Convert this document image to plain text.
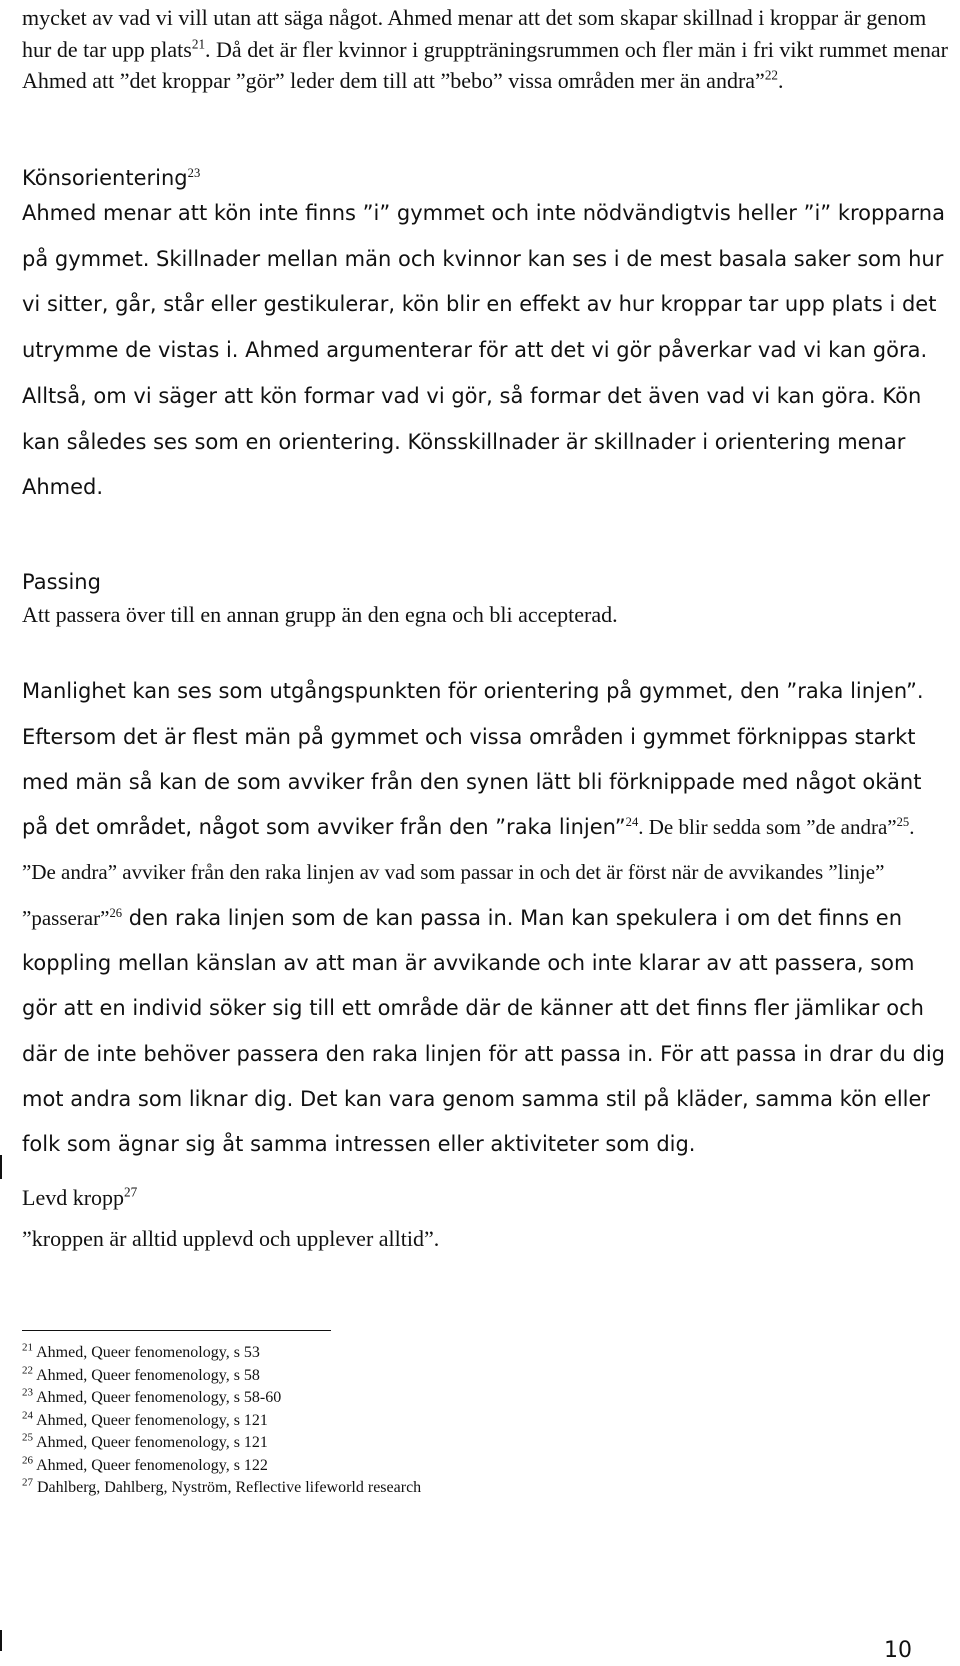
mycket av vad vi vill utan att säga något. Ahmed menar att det som skapar skillnad i kroppar är genom hur de tar upp plats$^{21}$. Då det är fler kvinnor i gruppträningsrummen och fler män i fri vikt rummet menar Ahmed att ”det kroppar ”gör” leder dem till att ”bebo” vissa områden mer än andra”$^{22}$.

Könsorientering$^{23}$

Ahmed menar att kön inte finns ”i” gymmet och inte nödvändigtvis heller ”i” kropparna på gymmet. Skillnader mellan män och kvinnor kan ses i de mest basala saker som hur vi sitter, går, står eller gestikulerar, kön blir en effekt av hur kroppar tar upp plats i det utrymme de vistas i. Ahmed argumenterar för att det vi gör påverkar vad vi kan göra. Alltså, om vi säger att kön formar vad vi gör, så formar det även vad vi kan göra. Kön kan således ses som en orientering. Könsskillnader är skillnader i orientering menar Ahmed.

Passing

Att passera över till en annan grupp än den egna och bli accepterad.

Manlighet kan ses som utgångspunkten för orientering på gymmet, den ”raka linjen”. Eftersom det är flest män på gymmet och vissa områden i gymmet förknippas starkt med män så kan de som avviker från den synen lätt bli förknippade med något okänt på det området, något som avviker från den ”raka linjen”$^{24}$. De blir sedda som ”de andra”$^{25}$. ”De andra” avviker från den raka linjen av vad som passar in och det är först när de avvikandes ”linje” ”passerar”$^{26}$ den raka linjen som de kan passa in. Man kan spekulera i om det finns en koppling mellan känslan av att man är avvikande och inte klarar av att passera, som gör att en individ söker sig till ett område där de känner att det finns fler jämlikar och där de inte behöver passera den raka linjen för att passa in. För att passa in drar du dig mot andra som liknar dig. Det kan vara genom samma stil på kläder, samma kön eller folk som ägnar sig åt samma intressen eller aktiviteter som dig.

Levd kropp$^{27}$

”kroppen är alltid upplevd och upplever alltid”.

$^{21}$ Ahmed, Queer fenomenology, s 53
$^{22}$ Ahmed, Queer fenomenology, s 58
$^{23}$ Ahmed, Queer fenomenology, s 58-60
$^{24}$ Ahmed, Queer fenomenology, s 121
$^{25}$ Ahmed, Queer fenomenology, s 121
$^{26}$ Ahmed, Queer fenomenology, s 122
$^{27}$ Dahlberg, Dahlberg, Nyström, Reflective lifeworld research
10
